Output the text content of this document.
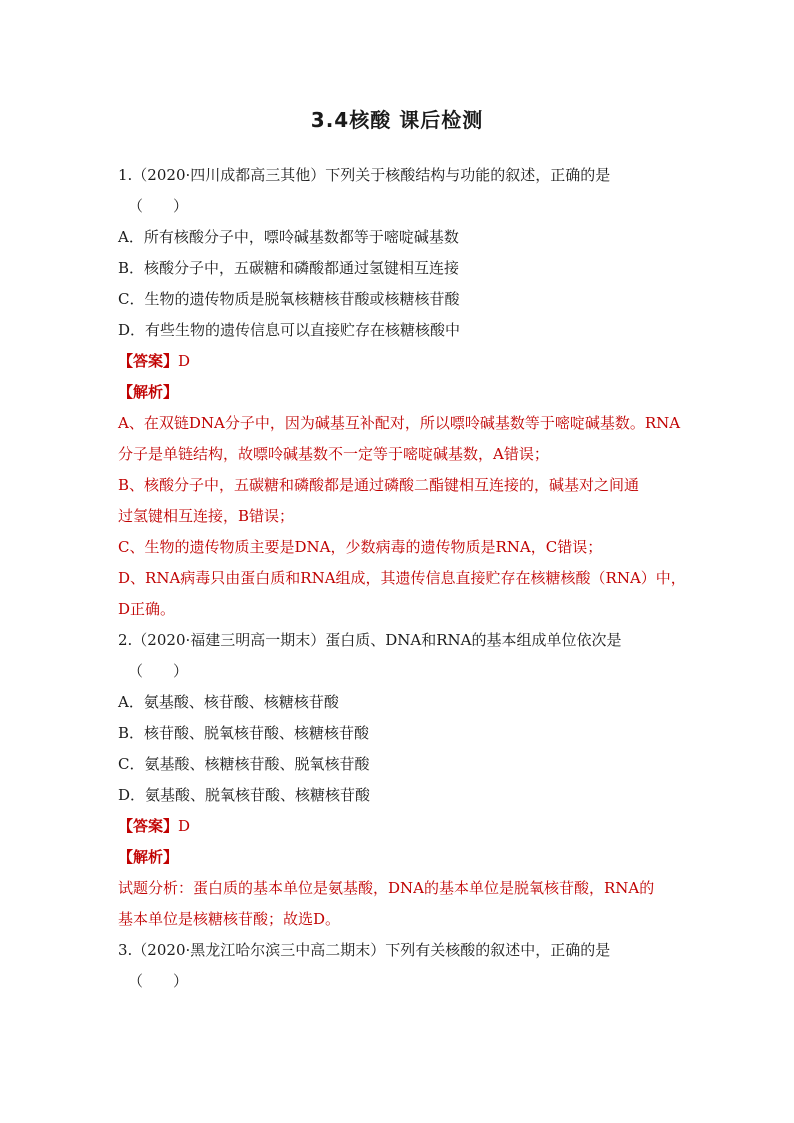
3.4核酸 课后检测
1.（2020·四川成都高三其他）下列关于核酸结构与功能的叙述，正确的是
（　　）
A．所有核酸分子中，嘌呤碱基数都等于嘧啶碱基数
B．核酸分子中，五碳糖和磷酸都通过氢键相互连接
C．生物的遗传物质是脱氧核糖核苷酸或核糖核苷酸
D．有些生物的遗传信息可以直接贮存在核糖核酸中
【答案】D
【解析】
A、在双链DNA分子中，因为碱基互补配对，所以嘌呤碱基数等于嘧啶碱基数。RNA
分子是单链结构，故嘌呤碱基数不一定等于嘧啶碱基数，A错误；
B、核酸分子中，五碳糖和磷酸都是通过磷酸二酯键相互连接的，碱基对之间通
过氢键相互连接，B错误；
C、生物的遗传物质主要是DNA，少数病毒的遗传物质是RNA，C错误；
D、RNA病毒只由蛋白质和RNA组成，其遗传信息直接贮存在核糖核酸（RNA）中，
D正确。
2.（2020·福建三明高一期末）蛋白质、DNA和RNA的基本组成单位依次是
（　　）
A．氨基酸、核苷酸、核糖核苷酸
B．核苷酸、脱氧核苷酸、核糖核苷酸
C．氨基酸、核糖核苷酸、脱氧核苷酸
D．氨基酸、脱氧核苷酸、核糖核苷酸
【答案】D
【解析】
试题分析：蛋白质的基本单位是氨基酸，DNA的基本单位是脱氧核苷酸，RNA的
基本单位是核糖核苷酸；故选D。
3.（2020·黑龙江哈尔滨三中高二期末）下列有关核酸的叙述中，正确的是
（　　）
